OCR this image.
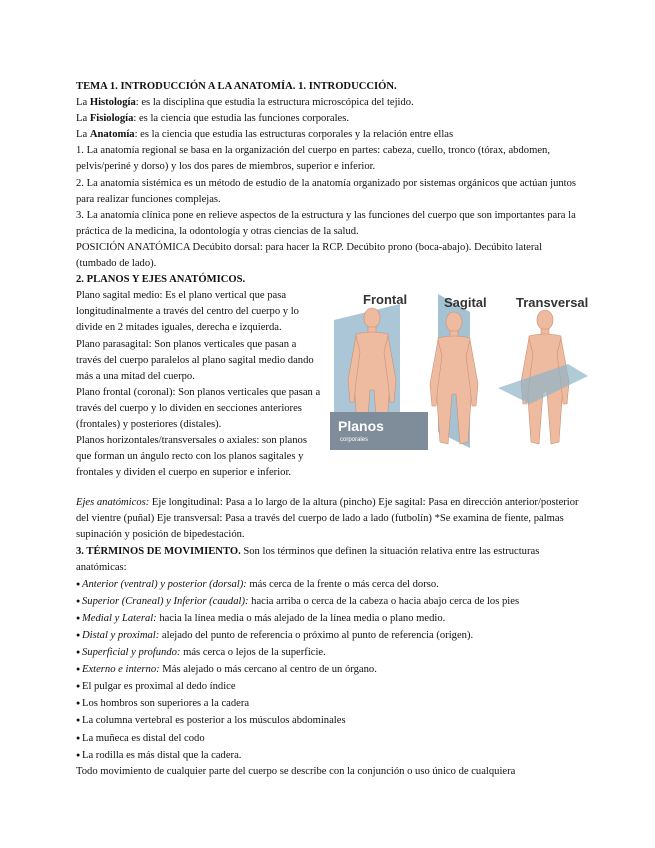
TEMA 1. INTRODUCCIÓN A LA ANATOMÍA. 1. INTRODUCCIÓN.

La Histología: es la disciplina que estudia la estructura microscópica del tejido.

La Fisiología: es la ciencia que estudia las funciones corporales.

La Anatomía: es la ciencia que estudia las estructuras corporales y la relación entre ellas

1. La anatomía regional se basa en la organización del cuerpo en partes: cabeza, cuello, tronco (tórax, abdomen, pelvis/periné y dorso) y los dos pares de miembros, superior e inferior.

2. La anatomía sistémica es un método de estudio de la anatomía organizado por sistemas orgánicos que actúan juntos para realizar funciones complejas.

3. La anatomía clínica pone en relieve aspectos de la estructura y las funciones del cuerpo que son importantes para la práctica de la medicina, la odontología y otras ciencias de la salud.

POSICIÓN ANATÓMICA Decúbito dorsal: para hacer la RCP. Decúbito prono (boca-abajo). Decúbito lateral (tumbado de lado).

2. PLANOS Y EJES ANATÓMICOS.

Plano sagital medio: Es el plano vertical que pasa longitudinalmente a través del centro del cuerpo y lo divide en 2 mitades iguales, derecha e izquierda.

Plano parasagital: Son planos verticales que pasan a través del cuerpo paralelos al plano sagital medio dando más a una mitad del cuerpo.

Plano frontal (coronal): Son planos verticales que pasan a través del cuerpo y lo dividen en secciones anteriores (frontales) y posteriores (distales).

Planos horizontales/transversales o axiales: son planos que forman un ángulo recto con los planos sagitales y frontales y dividen el cuerpo en superior e inferior.

Frontal	Sagital Transversal
Planos
corporales

Ejes anatómicos: Eje longitudinal: Pasa a lo largo de la altura (pincho) Eje sagital: Pasa en dirección anterior/posterior del vientre (puñal) Eje transversal: Pasa a través del cuerpo de lado a lado (futbolín) *Se examina de fiente, palmas supinación y posición de bipedestación.

3. TÉRMINOS DE MOVIMIENTO. Son los términos que definen la situación relativa entre las estructuras anatómicas:

● Anterior (ventral) y posterior (dorsal): más cerca de la frente o más cerca del dorso.

● Superior (Craneal) y Inferior (caudal): hacia arriba o cerca de la cabeza o hacia abajo cerca de los pies

● Medial y Lateral: hacia la línea media o más alejado de la línea media o plano medio.

● Distal y proximal: alejado del punto de referencia o próximo al punto de referencia (origen).

● Superficial y profundo: más cerca o lejos de la superficie.

● Externo e interno: Más alejado o más cercano al centro de un órgano.

● El pulgar es proximal al dedo índice

● Los hombros son superiores a la cadera

● La columna vertebral es posterior a los músculos abdominales

● La muñeca es distal del codo

● La rodilla es más distal que la cadera.

Todo movimiento de cualquier parte del cuerpo se describe con la conjunción o uso único de cualquiera
